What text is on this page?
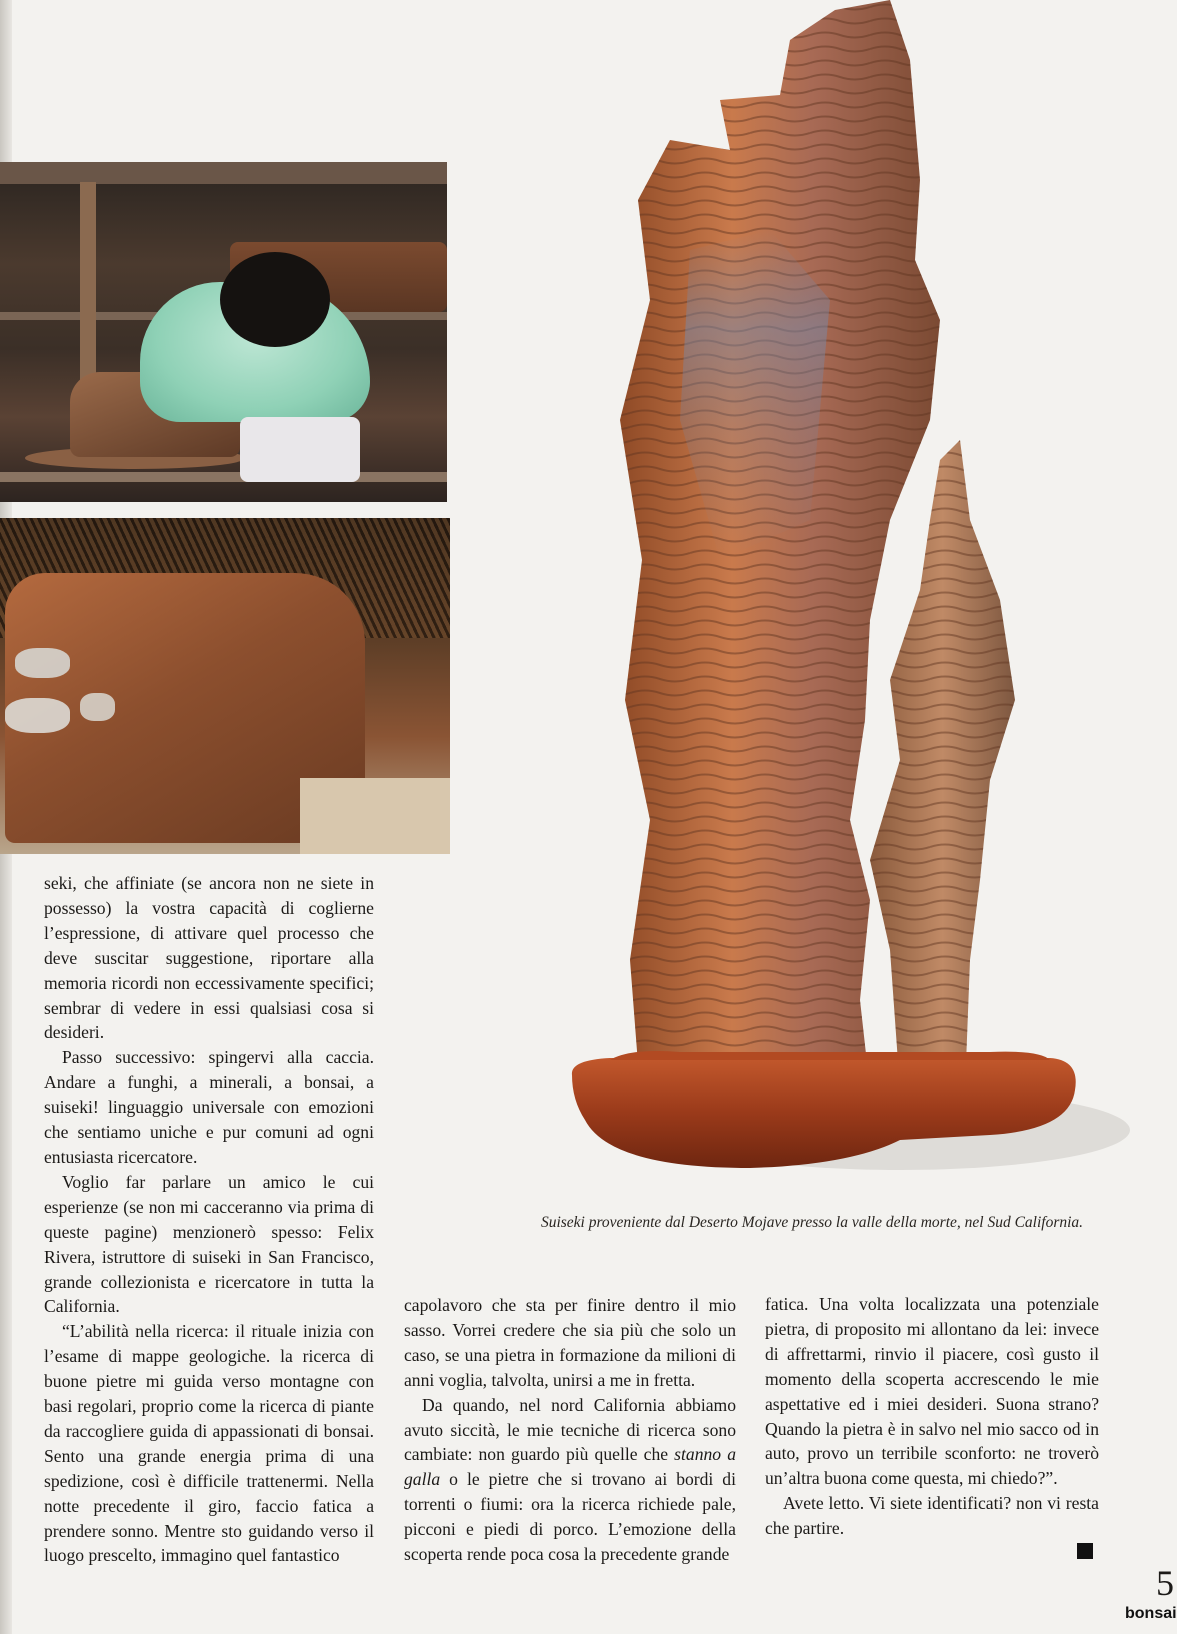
Suiseki proveniente dal Deserto Mojave presso la valle della morte, nel Sud California.

seki, che affiniate (se ancora non ne siete in possesso) la vostra capacità di coglierne l’espressione, di attivare quel processo che deve suscitar suggestione, riportare alla memoria ricordi non eccessivamente specifici; sembrar di vedere in essi qualsiasi cosa si desideri.

Passo successivo: spingervi alla caccia. Andare a funghi, a minerali, a bonsai, a suiseki! linguaggio universale con emozioni che sentiamo uniche e pur comuni ad ogni entusiasta ricercatore.

Voglio far parlare un amico le cui esperienze (se non mi cacceranno via prima di queste pagine) menzionerò spesso: Felix Rivera, istruttore di suiseki in San Francisco, grande collezionista e ricercatore in tutta la California.

“L’abilità nella ricerca: il rituale inizia con l’esame di mappe geologiche. la ricerca di buone pietre mi guida verso montagne con basi regolari, proprio come la ricerca di piante da raccogliere guida di appassionati di bonsai. Sento una grande energia prima di una spedizione, così è difficile trattenermi. Nella notte precedente il giro, faccio fatica a prendere sonno. Mentre sto guidando verso il luogo prescelto, immagino quel fantastico

capolavoro che sta per finire dentro il mio sasso. Vorrei credere che sia più che solo un caso, se una pietra in formazione da milioni di anni voglia, talvolta, unirsi a me in fretta.

Da quando, nel nord California abbiamo avuto siccità, le mie tecniche di ricerca sono cambiate: non guardo più quelle che stanno a galla o le pietre che si trovano ai bordi di torrenti o fiumi: ora la ricerca richiede pale, picconi e piedi di porco. L’emozione della scoperta rende poca cosa la precedente grande

fatica. Una volta localizzata una potenziale pietra, di proposito mi allontano da lei: invece di affrettarmi, rinvio il piacere, così gusto il momento della scoperta accrescendo le mie aspettative ed i miei desideri. Suona strano? Quando la pietra è in salvo nel mio sacco od in auto, provo un terribile sconforto: ne troverò un’altra buona come questa, mi chiedo?”.

Avete letto. Vi siete identificati? non vi resta che partire.

5
bonsai
